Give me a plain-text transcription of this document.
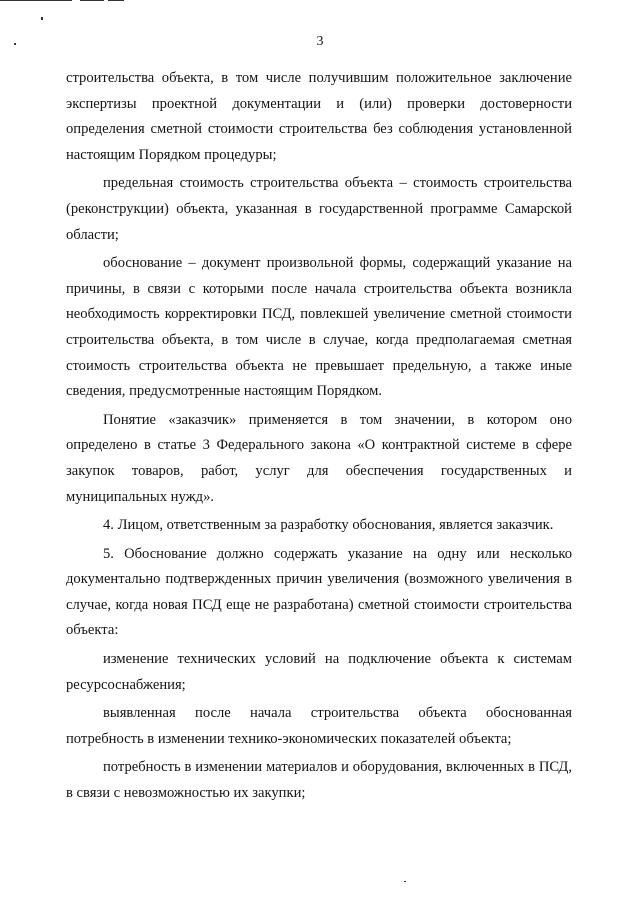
3

строительства объекта, в том числе получившим положительное заключение экспертизы проектной документации и (или) проверки достоверности определения сметной стоимости строительства без соблюдения установленной настоящим Порядком процедуры;

предельная стоимость строительства объекта – стоимость строительства (реконструкции) объекта, указанная в государственной программе Самарской области;

обоснование – документ произвольной формы, содержащий указание на причины, в связи с которыми после начала строительства объекта возникла необходимость корректировки ПСД, повлекшей увеличение сметной стоимости строительства объекта, в том числе в случае, когда предполагаемая сметная стоимость строительства объекта не превышает предельную, а также иные сведения, предусмотренные настоящим Порядком.

Понятие «заказчик» применяется в том значении, в котором оно определено в статье 3 Федерального закона «О контрактной системе в сфере закупок товаров, работ, услуг для обеспечения государственных и муниципальных нужд».

4. Лицом, ответственным за разработку обоснования, является заказчик.

5. Обоснование должно содержать указание на одну или несколько документально подтвержденных причин увеличения (возможного увеличения в случае, когда новая ПСД еще не разработана) сметной стоимости строительства объекта:

изменение технических условий на подключение объекта к системам ресурсоснабжения;

выявленная после начала строительства объекта обоснованная потребность в изменении технико-экономических показателей объекта;

потребность в изменении материалов и оборудования, включенных в ПСД, в связи с невозможностью их закупки;
